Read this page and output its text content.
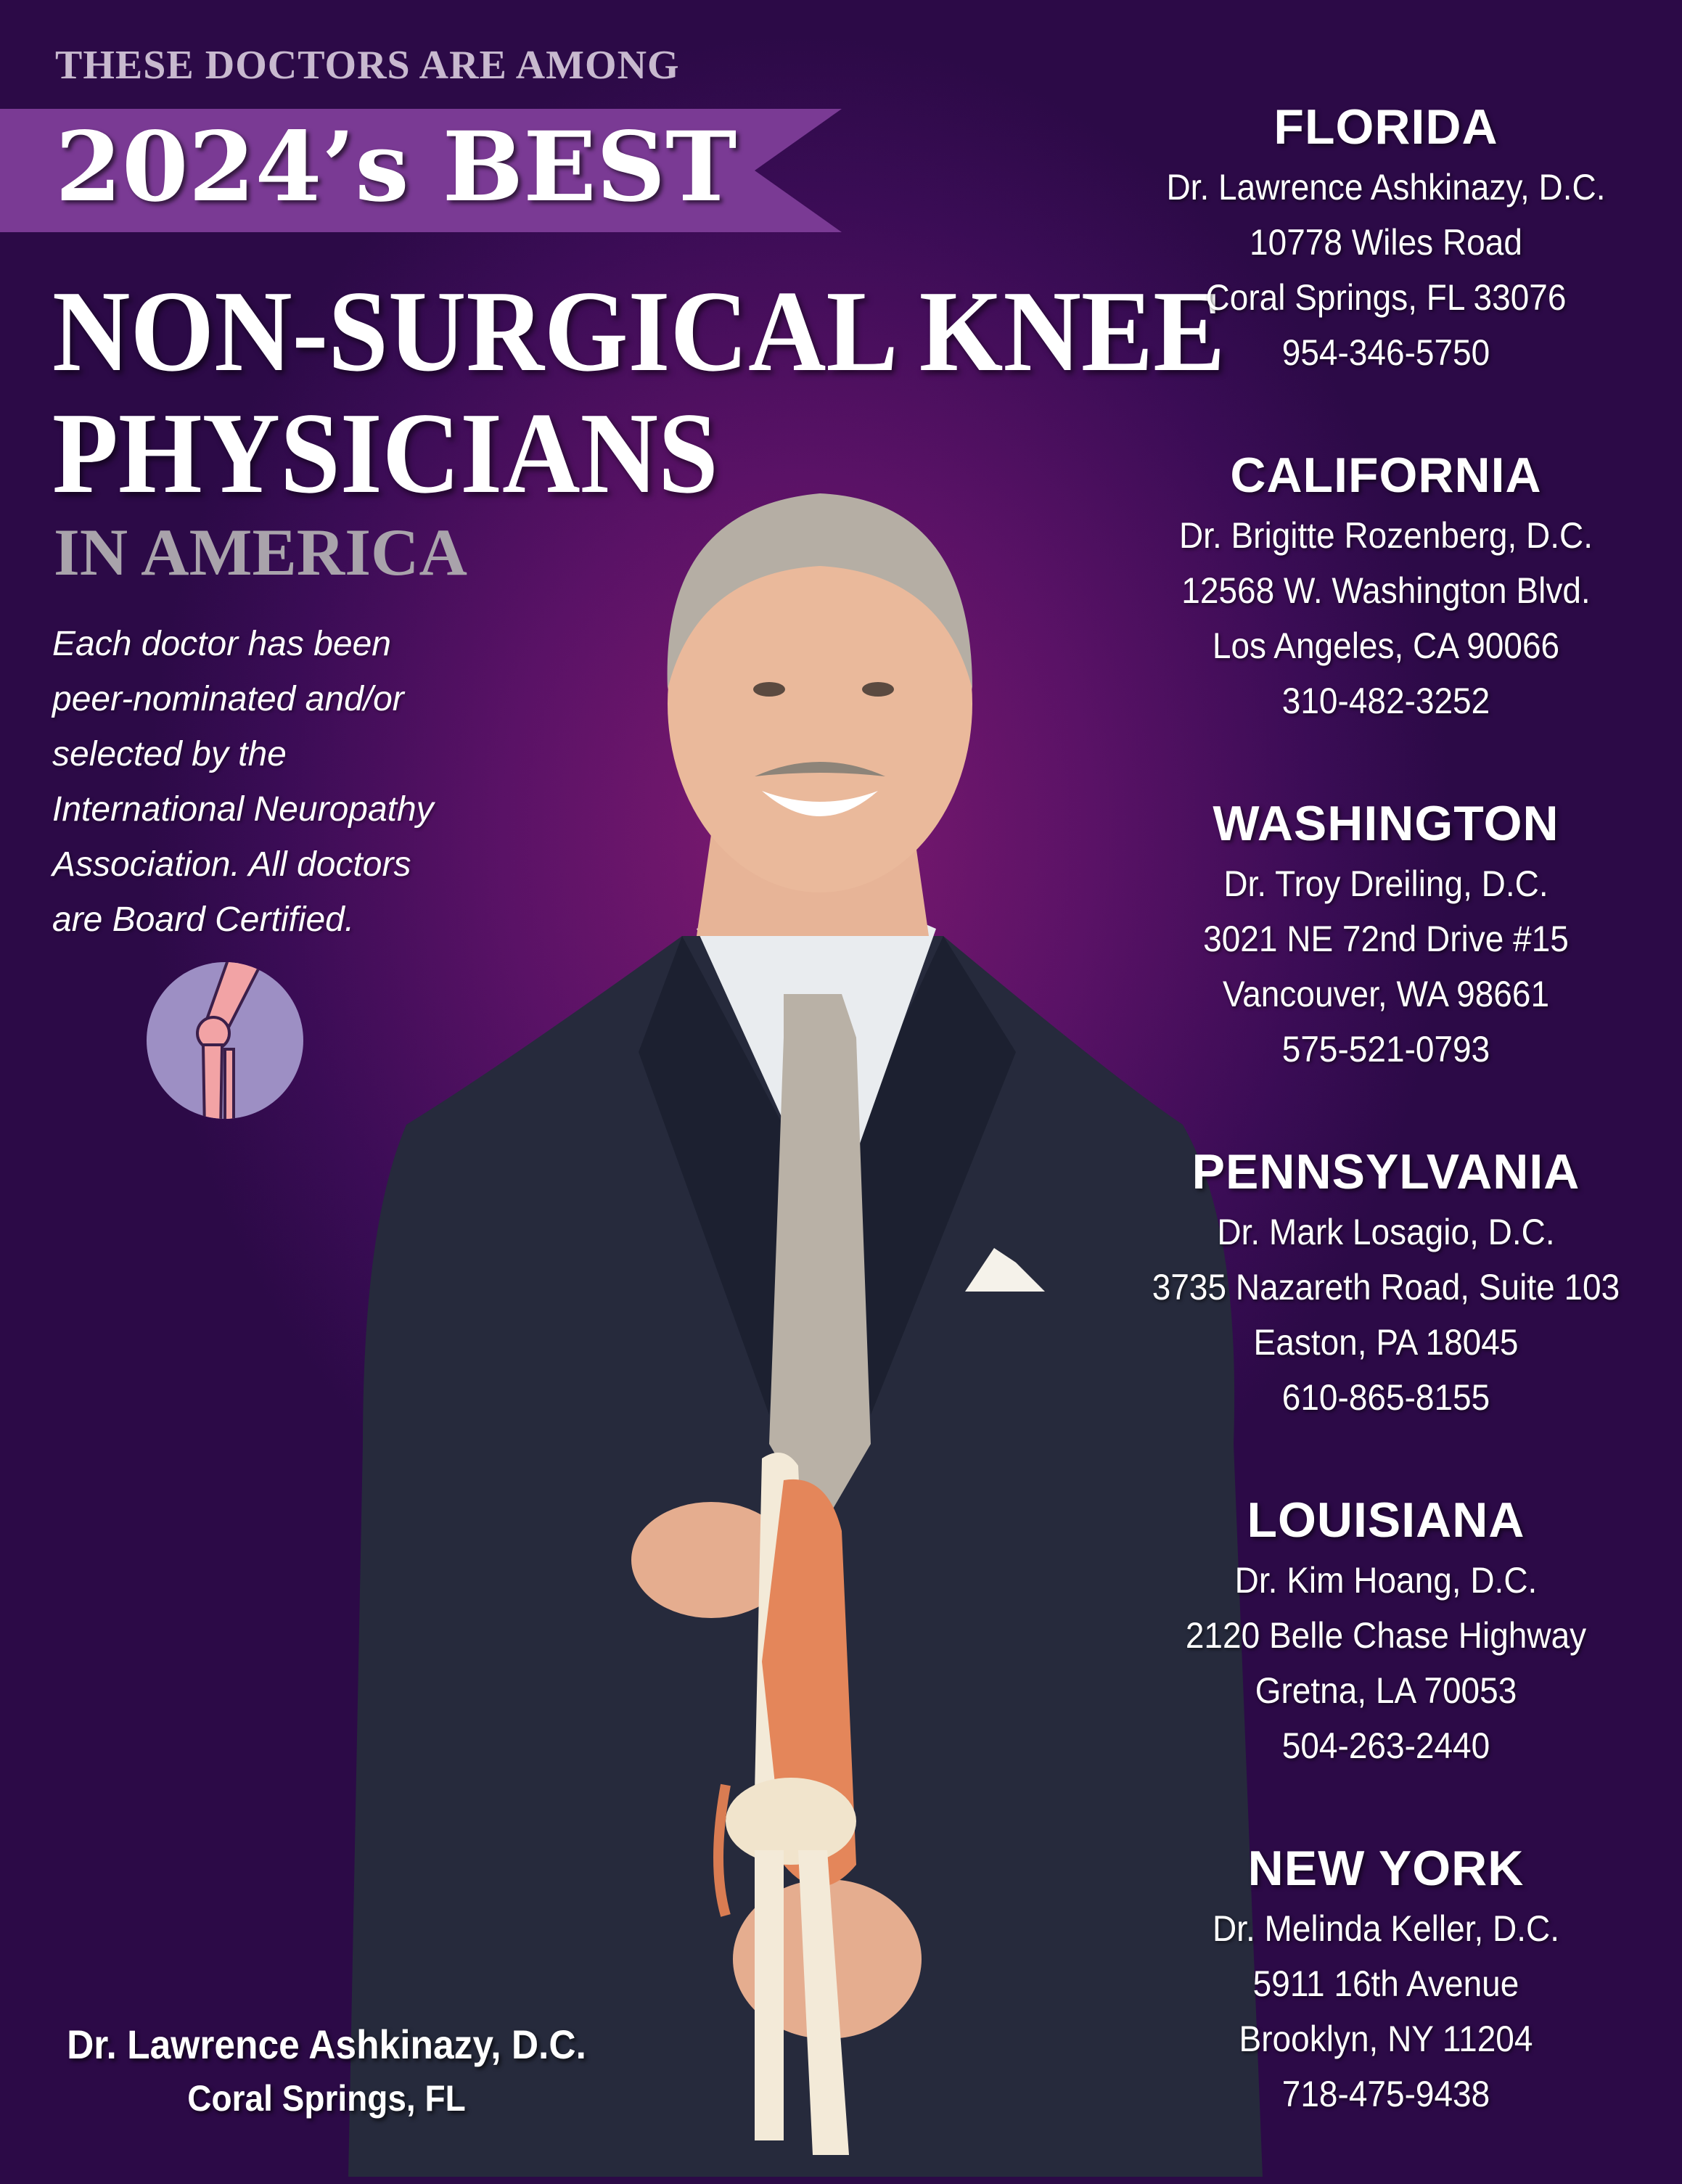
THESE DOCTORS ARE AMONG
2024’s BEST
NON-SURGICAL KNEE
PHYSICIANS
IN AMERICA
Each doctor has been
peer-nominated and/or
selected by the
International Neuropathy
Association. All doctors
are Board Certified.
FLORIDA
Dr. Lawrence Ashkinazy, D.C.
10778 Wiles Road
Coral Springs, FL 33076
954-346-5750
CALIFORNIA
Dr. Brigitte Rozenberg, D.C.
12568 W. Washington Blvd.
Los Angeles, CA 90066
310-482-3252
WASHINGTON
Dr. Troy Dreiling, D.C.
3021 NE 72nd Drive #15
Vancouver, WA 98661
575-521-0793
PENNSYLVANIA
Dr. Mark Losagio, D.C.
3735 Nazareth Road, Suite 103
Easton, PA 18045
610-865-8155
LOUISIANA
Dr. Kim Hoang, D.C.
2120 Belle Chase Highway
Gretna, LA 70053
504-263-2440
NEW YORK
Dr. Melinda Keller, D.C.
5911 16th Avenue
Brooklyn, NY 11204
718-475-9438
Dr. Lawrence Ashkinazy, D.C.
Coral Springs, FL
